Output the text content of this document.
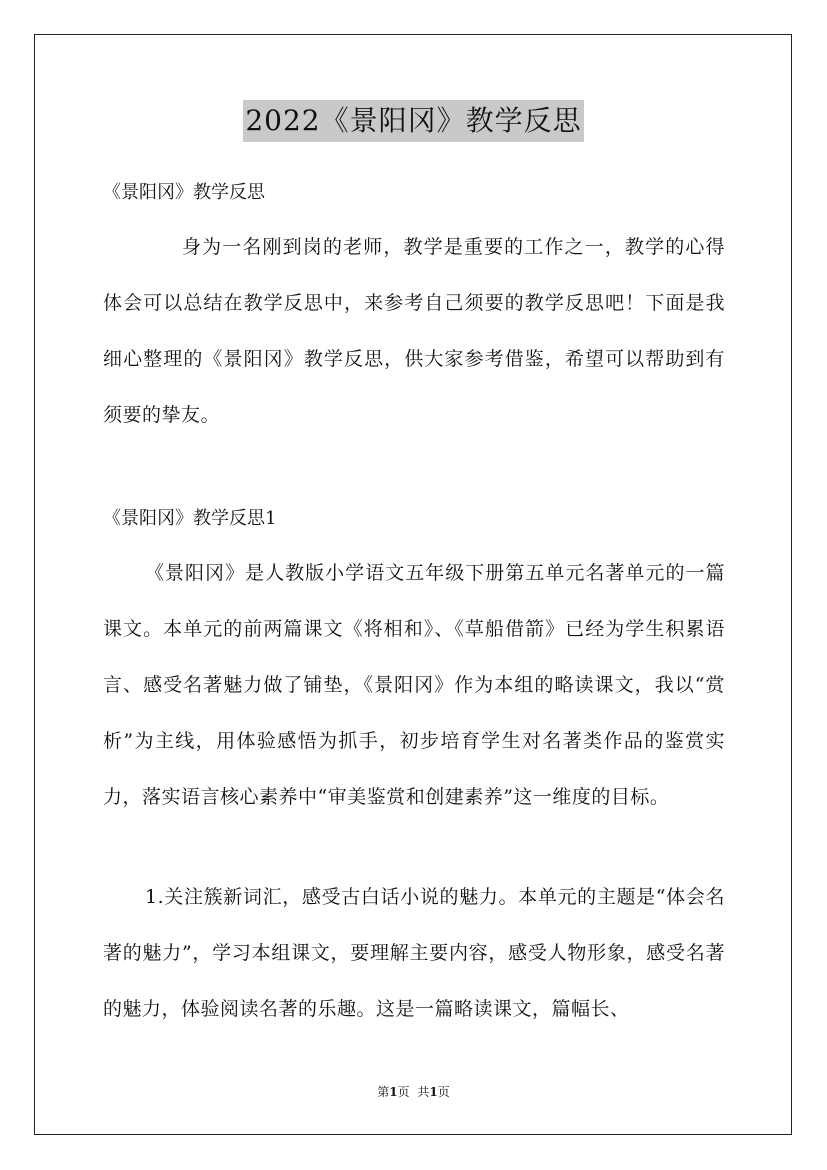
2022《景阳冈》教学反思
《景阳冈》教学反思
身为一名刚到岗的老师，教学是重要的工作之一，教学的心得体会可以总结在教学反思中，来参考自己须要的教学反思吧！下面是我细心整理的《景阳冈》教学反思，供大家参考借鉴，希望可以帮助到有须要的挚友。
《景阳冈》教学反思1
《景阳冈》是人教版小学语文五年级下册第五单元名著单元的一篇课文。本单元的前两篇课文《将相和》、《草船借箭》已经为学生积累语言、感受名著魅力做了铺垫，《景阳冈》作为本组的略读课文，我以“赏析”为主线，用体验感悟为抓手，初步培育学生对名著类作品的鉴赏实力，落实语言核心素养中“审美鉴赏和创建素养”这一维度的目标。
1.关注簇新词汇，感受古白话小说的魅力。本单元的主题是“体会名著的魅力”，学习本组课文，要理解主要内容，感受人物形象，感受名著的魅力，体验阅读名著的乐趣。这是一篇略读课文，篇幅长、
第1页 共1页
